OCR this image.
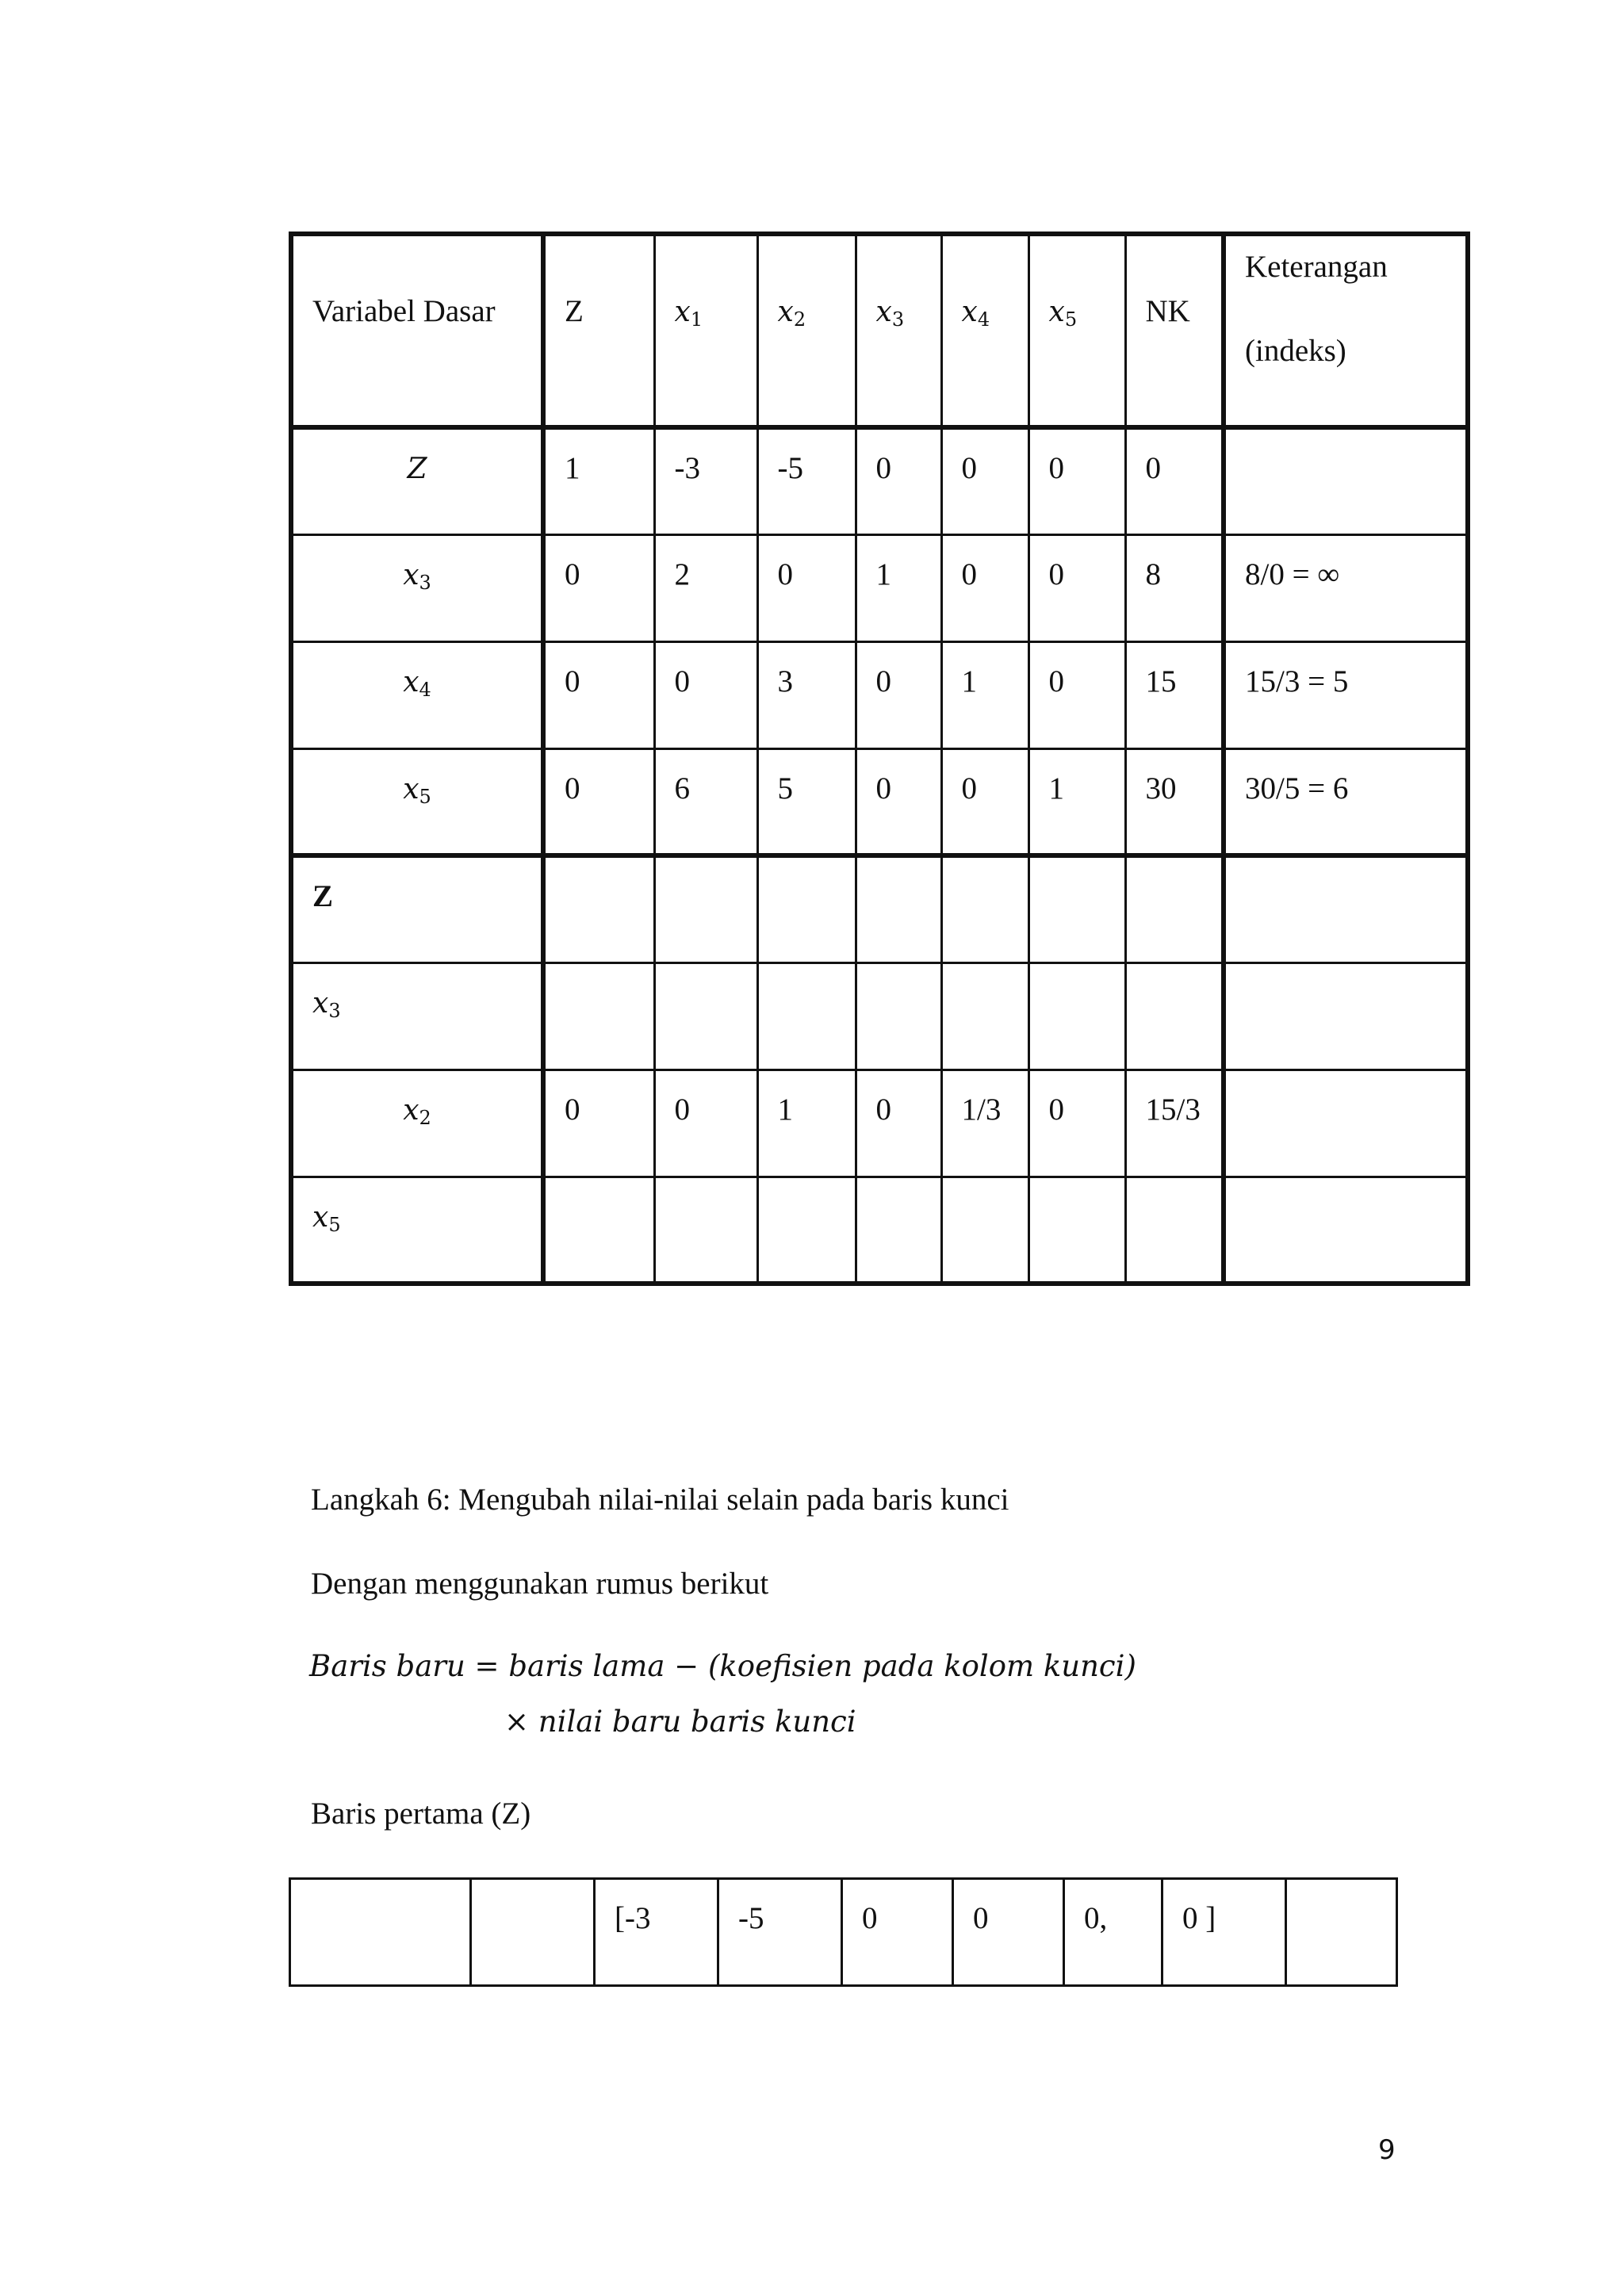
Variabel Dasar	Z	$x_1$	$x_2$	$x_3$	$x_4$	$x_5$	NK	Keterangan
(indeks)

Z	1	-3	-5	0	0	0	0	
$x_3$	0	2	0	1	0	0	8	8/0 = ∞
$x_4$	0	0	3	0	1	0	15	15/3 = 5
$x_5$	0	6	5	0	0	1	30	30/5 = 6
Z								
$x_3$								
$x_2$	0	0	1	0	1/3	0	15/3	
$x_5$								
Langkah 6: Mengubah nilai-nilai selain pada baris kunci
Dengan menggunakan rumus berikut
Baris baru = baris lama − (koefisien pada kolom kunci)
× nilai baru baris kunci
Baris pertama (Z)
		[-3	-5	0	0	0,	0 ]	
9
